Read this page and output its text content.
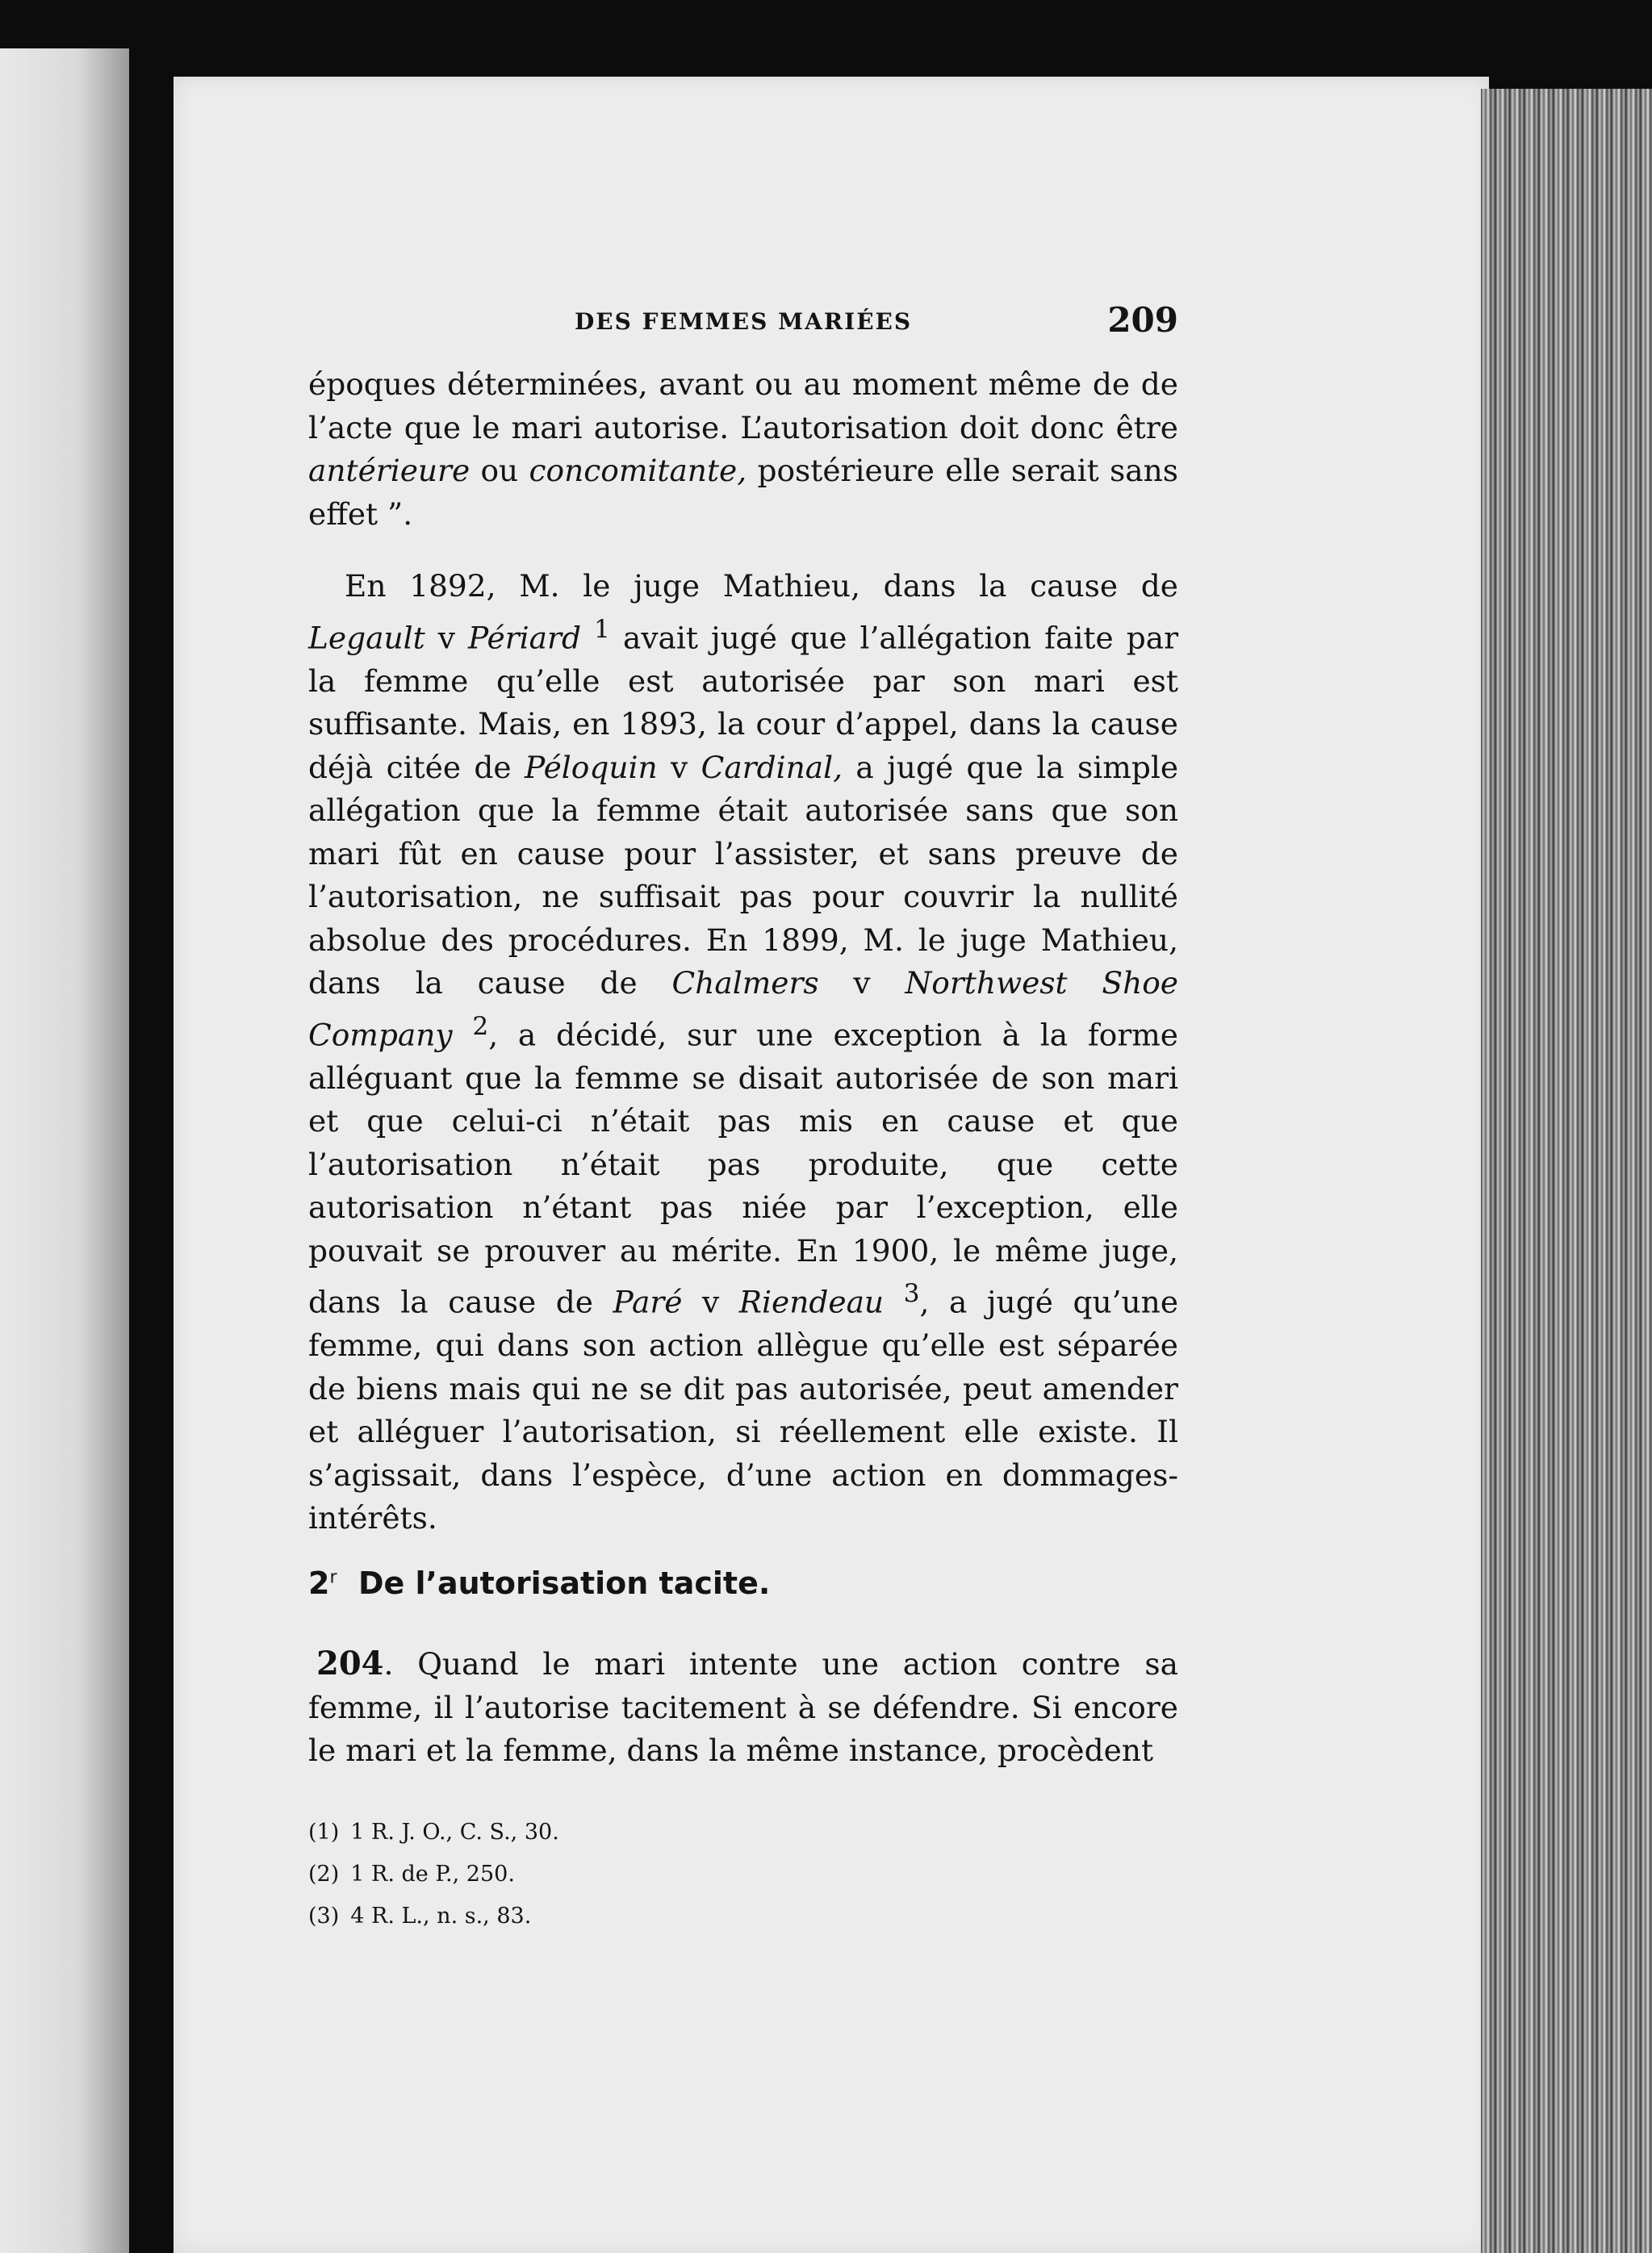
DES FEMMES MARIÉES	209

époques déterminées, avant ou au moment même de de l’acte que le mari autorise. L’autorisation doit donc être antérieure ou concomitante, postérieure elle serait sans effet ”.

En 1892, M. le juge Mathieu, dans la cause de Legault v Périard $^1$ avait jugé que l’allégation faite par la femme qu’elle est autorisée par son mari est suffisante. Mais, en 1893, la cour d’appel, dans la cause déjà citée de Péloquin v Cardinal, a jugé que la simple allégation que la femme était autorisée sans que son mari fût en cause pour l’assister, et sans preuve de l’autorisation, ne suffisait pas pour couvrir la nullité absolue des procédures. En 1899, M. le juge Mathieu, dans la cause de Chalmers v Northwest Shoe Company $^2$, a décidé, sur une exception à la forme alléguant que la femme se disait autorisée de son mari et que celui-ci n’était pas mis en cause et que l’autorisation n’était pas produite, que cette autorisation n’étant pas niée par l’exception, elle pouvait se prouver au mérite. En 1900, le même juge, dans la cause de Paré v Riendeau $^3$, a jugé qu’une femme, qui dans son action allègue qu’elle est séparée de biens mais qui ne se dit pas autorisée, peut amender et alléguer l’autorisation, si réellement elle existe. Il s’agissait, dans l’espèce, d’une action en dommages-intérêts.

2$^r$ De l’autorisation tacite.

204. Quand le mari intente une action contre sa femme, il l’autorise tacitement à se défendre. Si encore le mari et la femme, dans la même instance, procèdent

(1) 1 R. J. O., C. S., 30.

(2) 1 R. de P., 250.

(3) 4 R. L., n. s., 83.
